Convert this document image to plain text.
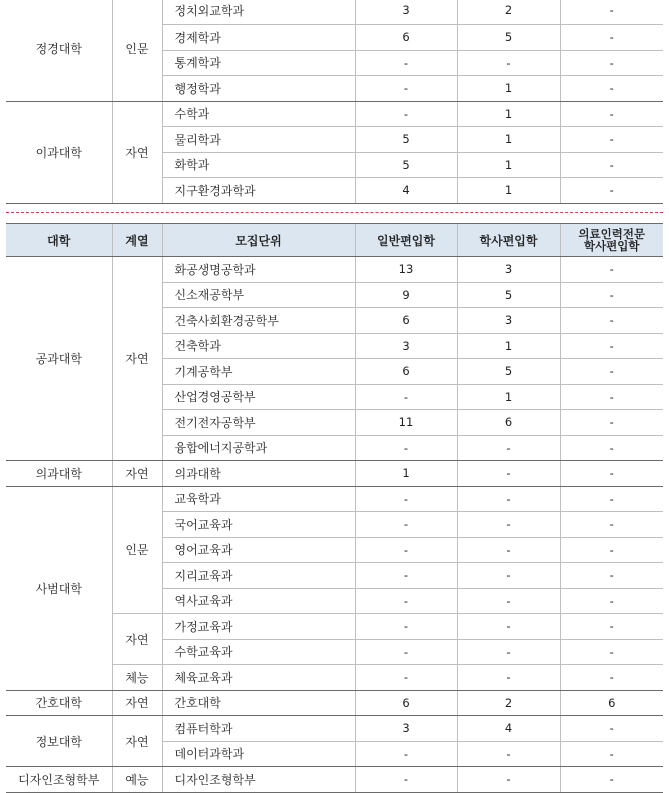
정경대학	인문	정치외교학과	3	2	-
		경제학과	6	5	-
		통계학과	-	-	-
		행정학과	-	1	-
이과대학	자연	수학과	-	1	-
		물리학과	5	1	-
		화학과	5	1	-
		지구환경과학과	4	1	-
대학	계열	모집단위	일반편입학	학사편입학	의료인력전문
학사편입학
공과대학	자연	화공생명공학과	13	3	-
		신소재공학부	9	5	-
		건축사회환경공학부	6	3	-
		건축학과	3	1	-
		기계공학부	6	5	-
		산업경영공학부	-	1	-
		전기전자공학부	11	6	-
		융합에너지공학과	-	-	-
의과대학	자연	의과대학	1	-	-
사범대학	인문	교육학과	-	-	-
		국어교육과	-	-	-
		영어교육과	-	-	-
		지리교육과	-	-	-
		역사교육과	-	-	-
	자연	가정교육과	-	-	-
		수학교육과	-	-	-
	체능	체육교육과	-	-	-
간호대학	자연	간호대학	6	2	6
정보대학	자연	컴퓨터학과	3	4	-
		데이터과학과	-	-	-
디자인조형학부	예능	디자인조형학부	-	-	-
